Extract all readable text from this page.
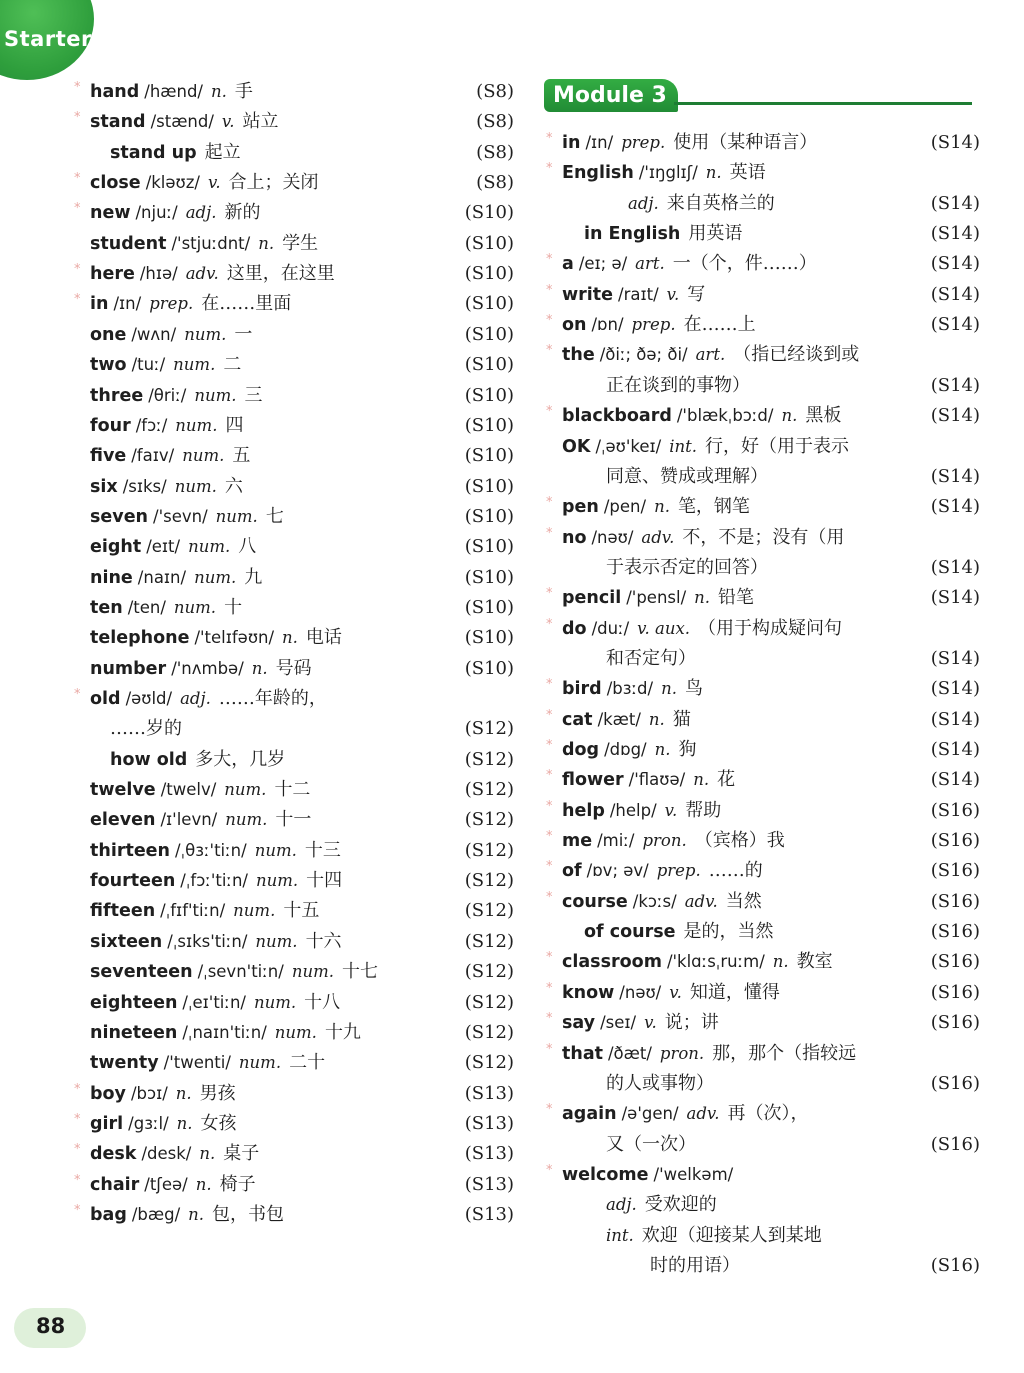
Starter
* hand /hænd/ n. 手	(S8)
* stand /stænd/ v. 站立	(S8)
stand up 起立	(S8)
* close /kləʊz/ v. 合上；关闭	(S8)
* new /njuː/ adj. 新的	(S10)
student /'stjuːdnt/ n. 学生	(S10)
* here /hɪə/ adv. 这里，在这里	(S10)
* in /ɪn/ prep. 在……里面	(S10)
one /wʌn/ num. 一	(S10)
two /tuː/ num. 二	(S10)
three /θriː/ num. 三	(S10)
four /fɔː/ num. 四	(S10)
five /faɪv/ num. 五	(S10)
six /sɪks/ num. 六	(S10)
seven /'sevn/ num. 七	(S10)
eight /eɪt/ num. 八	(S10)
nine /naɪn/ num. 九	(S10)
ten /ten/ num. 十	(S10)
telephone /'telɪfəʊn/ n. 电话	(S10)
number /'nʌmbə/ n. 号码	(S10)
* old /əʊld/ adj. ……年龄的，
……岁的	(S12)
how old 多大，几岁	(S12)
twelve /twelv/ num. 十二	(S12)
eleven /ɪ'levn/ num. 十一	(S12)
thirteen /ˌθɜː'tiːn/ num. 十三	(S12)
fourteen /ˌfɔː'tiːn/ num. 十四	(S12)
fifteen /ˌfɪf'tiːn/ num. 十五	(S12)
sixteen /ˌsɪks'tiːn/ num. 十六	(S12)
seventeen /ˌsevn'tiːn/ num. 十七	(S12)
eighteen /ˌeɪ'tiːn/ num. 十八	(S12)
nineteen /ˌnaɪn'tiːn/ num. 十九	(S12)
twenty /'twenti/ num. 二十	(S12)
* boy /bɔɪ/ n. 男孩	(S13)
* girl /gɜːl/ n. 女孩	(S13)
* desk /desk/ n. 桌子	(S13)
* chair /tʃeə/ n. 椅子	(S13)
* bag /bæg/ n. 包，书包	(S13)
Module 3
* in /ɪn/ prep. 使用（某种语言）	(S14)
* English /'ɪŋglɪʃ/ n. 英语
adj. 来自英格兰的	(S14)
in English 用英语	(S14)
* a /eɪ; ə/ art. 一（个，件……）	(S14)
* write /raɪt/ v. 写	(S14)
* on /ɒn/ prep. 在……上	(S14)
* the /ðiː; ðə; ði/ art. （指已经谈到或
正在谈到的事物）	(S14)
* blackboard /'blækˌbɔːd/ n. 黑板	(S14)
OK /ˌəʊ'keɪ/ int. 行，好（用于表示
同意、赞成或理解）	(S14)
* pen /pen/ n. 笔，钢笔	(S14)
* no /nəʊ/ adv. 不，不是；没有（用
于表示否定的回答）	(S14)
* pencil /'pensl/ n. 铅笔	(S14)
* do /duː/ v. aux. （用于构成疑问句
和否定句）	(S14)
* bird /bɜːd/ n. 鸟	(S14)
* cat /kæt/ n. 猫	(S14)
* dog /dɒg/ n. 狗	(S14)
* flower /'flaʊə/ n. 花	(S14)
* help /help/ v. 帮助	(S16)
* me /miː/ pron. （宾格）我	(S16)
* of /ɒv; əv/ prep. ……的	(S16)
* course /kɔːs/ adv. 当然	(S16)
of course 是的，当然	(S16)
* classroom /'klɑːsˌruːm/ n. 教室	(S16)
* know /nəʊ/ v. 知道，懂得	(S16)
* say /seɪ/ v. 说；讲	(S16)
* that /ðæt/ pron. 那，那个（指较远
的人或事物）	(S16)
* again /ə'gen/ adv. 再（次），
又（一次）	(S16)
* welcome /'welkəm/
adj. 受欢迎的
int. 欢迎（迎接某人到某地
时的用语）	(S16)
88
